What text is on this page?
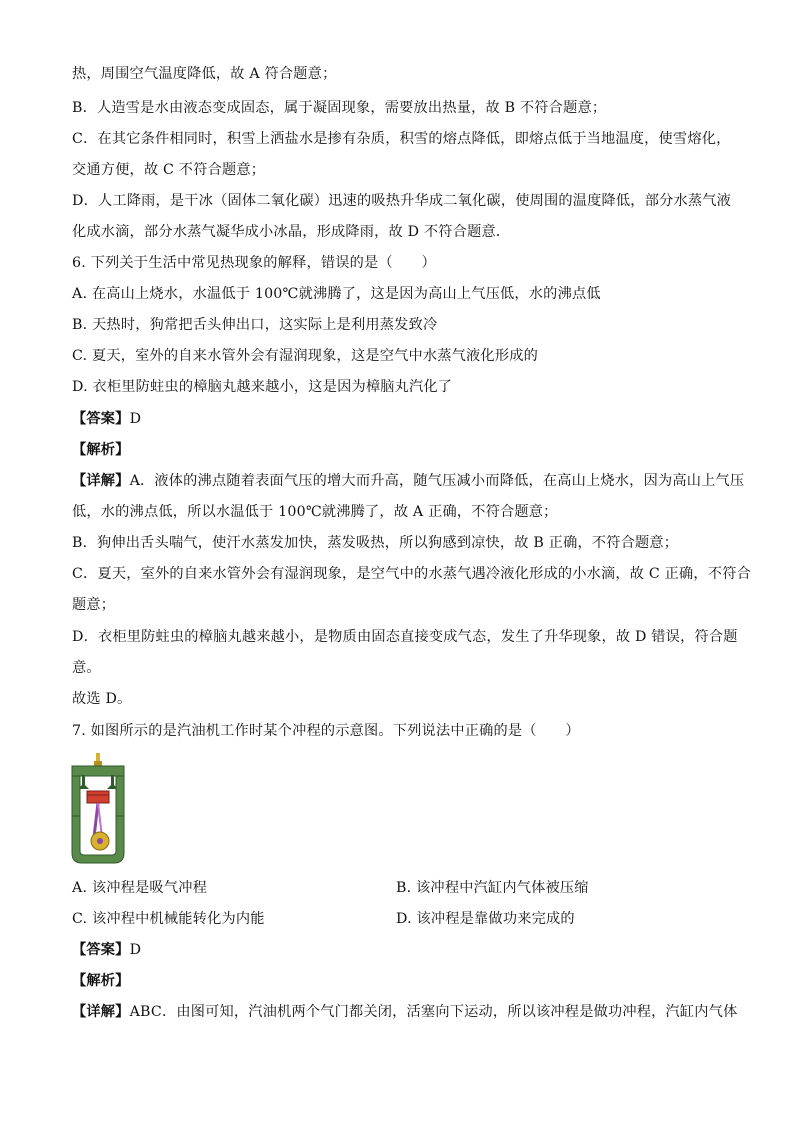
热，周围空气温度降低，故 A 符合题意；
B．人造雪是水由液态变成固态，属于凝固现象，需要放出热量，故 B 不符合题意；
C．在其它条件相同时，积雪上洒盐水是掺有杂质，积雪的熔点降低，即熔点低于当地温度，使雪熔化，
交通方便，故 C 不符合题意；
D．人工降雨，是干冰（固体二氧化碳）迅速的吸热升华成二氧化碳，使周围的温度降低，部分水蒸气液
化成水滴，部分水蒸气凝华成小冰晶，形成降雨，故 D 不符合题意．
6. 下列关于生活中常见热现象的解释，错误的是（　　）
A. 在高山上烧水，水温低于 100℃就沸腾了，这是因为高山上气压低，水的沸点低
B. 天热时，狗常把舌头伸出口，这实际上是利用蒸发致冷
C. 夏天，室外的自来水管外会有湿润现象，这是空气中水蒸气液化形成的
D. 衣柜里防蛀虫的樟脑丸越来越小，这是因为樟脑丸汽化了
【答案】D
【解析】
【详解】A．液体的沸点随着表面气压的增大而升高，随气压减小而降低，在高山上烧水，因为高山上气压
低，水的沸点低，所以水温低于 100℃就沸腾了，故 A 正确，不符合题意；
B．狗伸出舌头喘气，使汗水蒸发加快，蒸发吸热，所以狗感到凉快，故 B 正确，不符合题意；
C．夏天，室外的自来水管外会有湿润现象，是空气中的水蒸气遇冷液化形成的小水滴，故 C 正确，不符合
题意；
D．衣柜里防蛀虫的樟脑丸越来越小，是物质由固态直接变成气态，发生了升华现象，故 D 错误，符合题
意。
故选 D。
7. 如图所示的是汽油机工作时某个冲程的示意图。下列说法中正确的是（　　）
A. 该冲程是吸气冲程	B. 该冲程中汽缸内气体被压缩
C. 该冲程中机械能转化为内能	D. 该冲程是靠做功来完成的
【答案】D
【解析】
【详解】ABC．由图可知，汽油机两个气门都关闭，活塞向下运动，所以该冲程是做功冲程，汽缸内气体
